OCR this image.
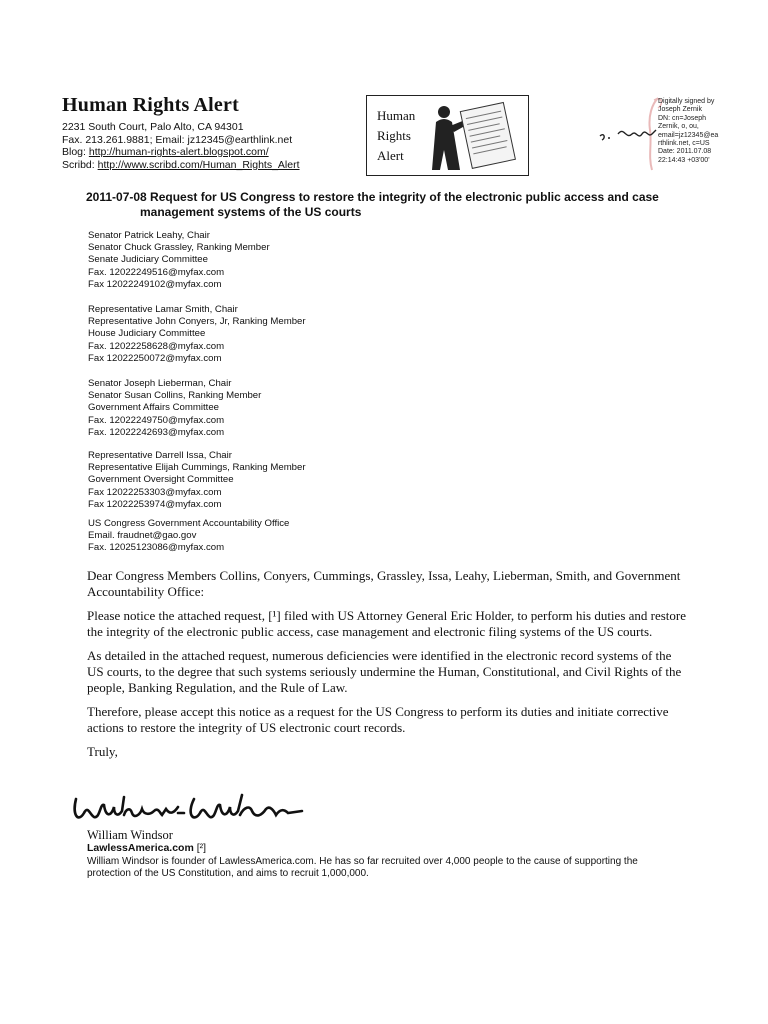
Human Rights Alert
2231 South Court, Palo Alto, CA 94301
Fax. 213.261.9881; Email: jz12345@earthlink.net
Blog: http://human-rights-alert.blogspot.com/
Scribd: http://www.scribd.com/Human_Rights_Alert
Human
Rights
Alert
Digitally signed by
Joseph Zernik
DN: cn=Joseph
Zernik, o, ou,
email=jz12345@ea
rthlink.net, c=US
Date: 2011.07.08
22:14:43 +03'00'
2011-07-08 Request for US Congress to restore the integrity of the electronic public access and case
management systems of the US courts
Senator Patrick Leahy, Chair
Senator Chuck Grassley, Ranking Member
Senate Judiciary Committee
Fax. 12022249516@myfax.com
Fax 12022249102@myfax.com
Representative Lamar Smith, Chair
Representative John Conyers, Jr, Ranking Member
House Judiciary Committee
Fax. 12022258628@myfax.com
Fax 12022250072@myfax.com
Senator Joseph Lieberman, Chair
Senator Susan Collins, Ranking Member
Government Affairs Committee
Fax. 12022249750@myfax.com
Fax. 12022242693@myfax.com
Representative Darrell Issa, Chair
Representative Elijah Cummings, Ranking Member
Government Oversight Committee
Fax 12022253303@myfax.com
Fax 12022253974@myfax.com
US Congress Government Accountability Office
Email. fraudnet@gao.gov
Fax. 12025123086@myfax.com

Dear Congress Members Collins, Conyers, Cummings, Grassley, Issa, Leahy, Lieberman, Smith, and Government Accountability Office:

Please notice the attached request, [¹] filed with US Attorney General Eric Holder, to perform his duties and restore the integrity of the electronic public access, case management and electronic filing systems of the US courts.

As detailed in the attached request, numerous deficiencies were identified in the electronic record systems of the US courts, to the degree that such systems seriously undermine the Human, Constitutional, and Civil Rights of the people, Banking Regulation, and the Rule of Law.

Therefore, please accept this notice as a request for the US Congress to perform its duties and initiate corrective actions to restore the integrity of US electronic court records.

Truly,

William Windsor
LawlessAmerica.com [²]
William Windsor is founder of LawlessAmerica.com. He has so far recruited over 4,000 people to the cause of supporting the protection of the US Constitution, and aims to recruit 1,000,000.
